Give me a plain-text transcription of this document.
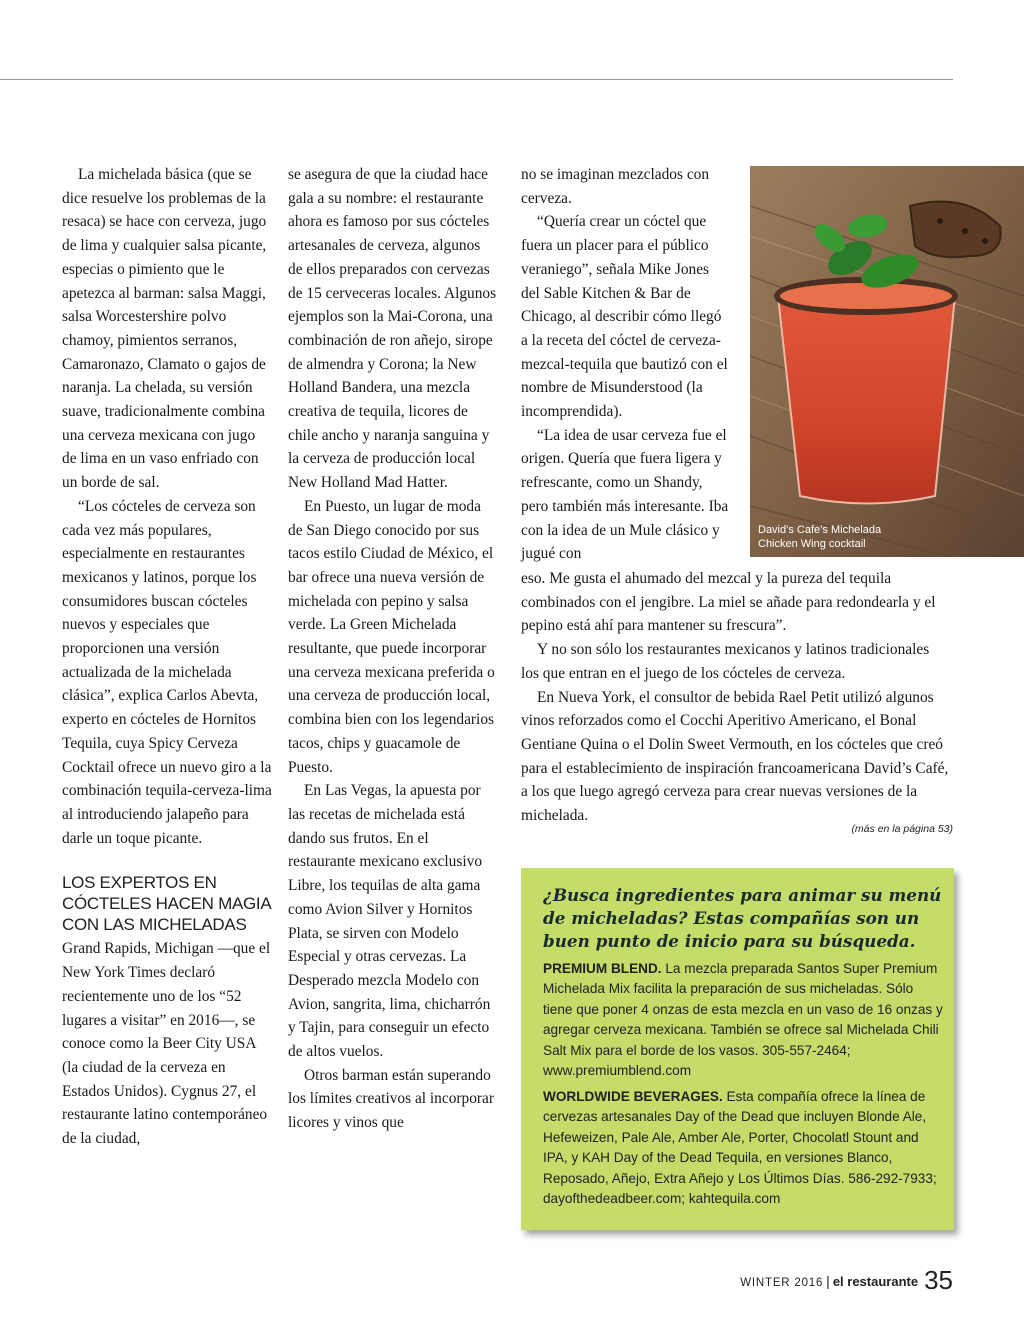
La michelada básica (que se dice resuelve los problemas de la resaca) se hace con cerveza, jugo de lima y cualquier salsa picante, especias o pimiento que le apetezca al barman: salsa Maggi, salsa Worcestershire polvo chamoy, pimientos serranos, Camaronazo, Clamato o gajos de naranja. La chelada, su versión suave, tradicionalmente combina una cerveza mexicana con jugo de lima en un vaso enfriado con un borde de sal.

“Los cócteles de cerveza son cada vez más populares, especialmente en restaurantes mexicanos y latinos, porque los consumidores buscan cócteles nuevos y especiales que proporcionen una versión actualizada de la michelada clásica”, explica Carlos Abevta, experto en cócteles de Hornitos Tequila, cuya Spicy Cerveza Cocktail ofrece un nuevo giro a la combinación tequila-cerveza-lima al introduciendo jalapeño para darle un toque picante.

LOS EXPERTOS EN CÓCTELES HACEN MAGIA CON LAS MICHELADAS

Grand Rapids, Michigan —que el New York Times declaró recientemente uno de los “52 lugares a visitar” en 2016—, se conoce como la Beer City USA (la ciudad de la cerveza en Estados Unidos). Cygnus 27, el restaurante latino contemporáneo de la ciudad,

se asegura de que la ciudad hace gala a su nombre: el restaurante ahora es famoso por sus cócteles artesanales de cerveza, algunos de ellos preparados con cervezas de 15 cerveceras locales. Algunos ejemplos son la Mai-Corona, una combinación de ron añejo, sirope de almendra y Corona; la New Holland Bandera, una mezcla creativa de tequila, licores de chile ancho y naranja sanguina y la cerveza de producción local New Holland Mad Hatter.

En Puesto, un lugar de moda de San Diego conocido por sus tacos estilo Ciudad de México, el bar ofrece una nueva versión de michelada con pepino y salsa verde. La Green Michelada resultante, que puede incorporar una cerveza mexicana preferida o una cerveza de producción local, combina bien con los legendarios tacos, chips y guacamole de Puesto.

En Las Vegas, la apuesta por las recetas de michelada está dando sus frutos. En el restaurante mexicano exclusivo Libre, los tequilas de alta gama como Avion Silver y Hornitos Plata, se sirven con Modelo Especial y otras cervezas. La Desperado mezcla Modelo con Avion, sangrita, lima, chicharrón y Tajin, para conseguir un efecto de altos vuelos.

Otros barman están superando los límites creativos al incorporar licores y vinos que

no se imaginan mezclados con cerveza.

“Quería crear un cóctel que fuera un placer para el público veraniego”, señala Mike Jones del Sable Kitchen & Bar de Chicago, al describir cómo llegó a la receta del cóctel de cerveza-mezcal-tequila que bautizó con el nombre de Misunderstood (la incomprendida).

“La idea de usar cerveza fue el origen. Quería que fuera ligera y refrescante, como un Shandy, pero también más interesante. Iba con la idea de un Mule clásico y jugué con

eso. Me gusta el ahumado del mezcal y la pureza del tequila combinados con el jengibre. La miel se añade para redondearla y el pepino está ahí para mantener su frescura”.

Y no son sólo los restaurantes mexicanos y latinos tradicionales los que entran en el juego de los cócteles de cerveza.

En Nueva York, el consultor de bebida Rael Petit utilizó algunos vinos reforzados como el Cocchi Aperitivo Americano, el Bonal Gentiane Quina o el Dolin Sweet Vermouth, en los cócteles que creó para el establecimiento de inspiración francoamericana David’s Café, a los que luego agregó cerveza para crear nuevas versiones de la michelada.

David’s Cafe’s Michelada
Chicken Wing cocktail
(más en la página 53)
¿Busca ingredientes para animar su menú de micheladas? Estas compañías son un buen punto de inicio para su búsqueda.
PREMIUM BLEND. La mezcla preparada Santos Super Premium Michelada Mix facilita la preparación de sus micheladas. Sólo tiene que poner 4 onzas de esta mezcla en un vaso de 16 onzas y agregar cerveza mexicana. También se ofrece sal Michelada Chili Salt Mix para el borde de los vasos. 305-557-2464; www.premiumblend.com
WORLDWIDE BEVERAGES. Esta compañía ofrece la línea de cervezas artesanales Day of the Dead que incluyen Blonde Ale, Hefeweizen, Pale Ale, Amber Ale, Porter, Chocolatl Stount and IPA, y KAH Day of the Dead Tequila, en versiones Blanco, Reposado, Añejo, Extra Añejo y Los Últimos Días. 586-292-7933; dayofthedeadbeer.com; kahtequila.com
WINTER 2016 | el restaurante 35
